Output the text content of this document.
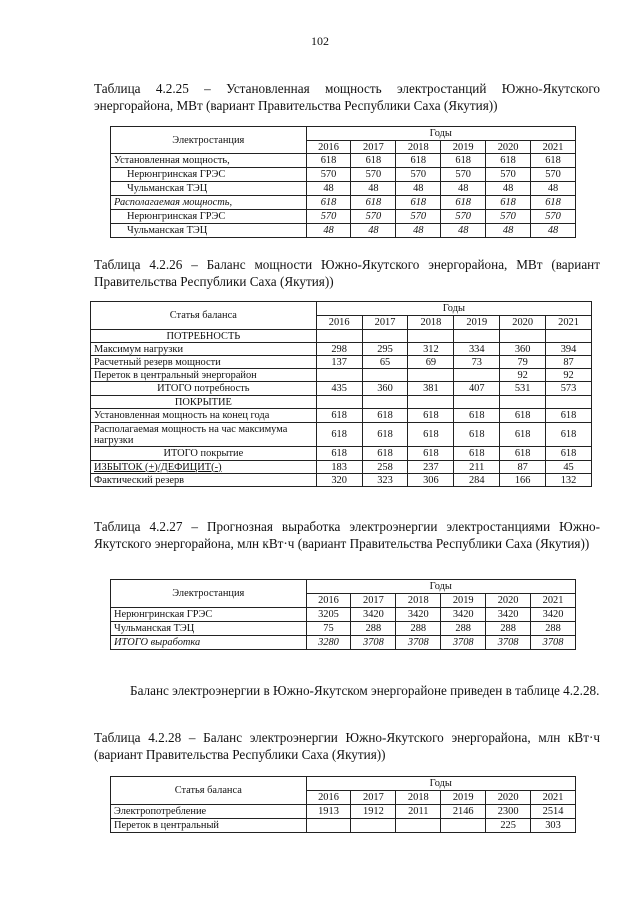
102
Таблица 4.2.25 – Установленная мощность электростанций Южно-Якутского энергорайона, МВт (вариант Правительства Республики Саха (Якутия))
Электростанция	Годы					
	2016	2017	2018	2019	2020	2021
Установленная мощность,	618	618	618	618	618	618
Нерюнгринская ГРЭС	570	570	570	570	570	570
Чульманская ТЭЦ	48	48	48	48	48	48
Располагаемая мощность,	618	618	618	618	618	618
Нерюнгринская ГРЭС	570	570	570	570	570	570
Чульманская ТЭЦ	48	48	48	48	48	48
Таблица 4.2.26 – Баланс мощности Южно-Якутского энергорайона, МВт (вариант Правительства Республики Саха (Якутия))
Статья баланса	Годы					
	2016	2017	2018	2019	2020	2021
ПОТРЕБНОСТЬ						
Максимум нагрузки	298	295	312	334	360	394
Расчетный резерв мощности	137	65	69	73	79	87
Переток в центральный энергорайон					92	92
ИТОГО потребность	435	360	381	407	531	573
ПОКРЫТИЕ						
Установленная мощность на конец года	618	618	618	618	618	618
Располагаемая мощность на час максимума нагрузки	618	618	618	618	618	618
ИТОГО покрытие	618	618	618	618	618	618
ИЗБЫТОК (+)/ДЕФИЦИТ(-)	183	258	237	211	87	45
Фактический резерв	320	323	306	284	166	132
Таблица 4.2.27 – Прогнозная выработка электроэнергии электростанциями Южно-Якутского энергорайона, млн кВт·ч (вариант Правительства Республики Саха (Якутия))
Электростанция	Годы					
	2016	2017	2018	2019	2020	2021
Нерюнгринская ГРЭС	3205	3420	3420	3420	3420	3420
Чульманская ТЭЦ	75	288	288	288	288	288
ИТОГО выработка	3280	3708	3708	3708	3708	3708
Баланс электроэнергии в Южно-Якутском энергорайоне приведен в таблице 4.2.28.
Таблица 4.2.28 – Баланс электроэнергии Южно-Якутского энергорайона, млн кВт·ч (вариант Правительства Республики Саха (Якутия))
Статья баланса	Годы					
	2016	2017	2018	2019	2020	2021
Электропотребление	1913	1912	2011	2146	2300	2514
Переток в центральный					225	303
